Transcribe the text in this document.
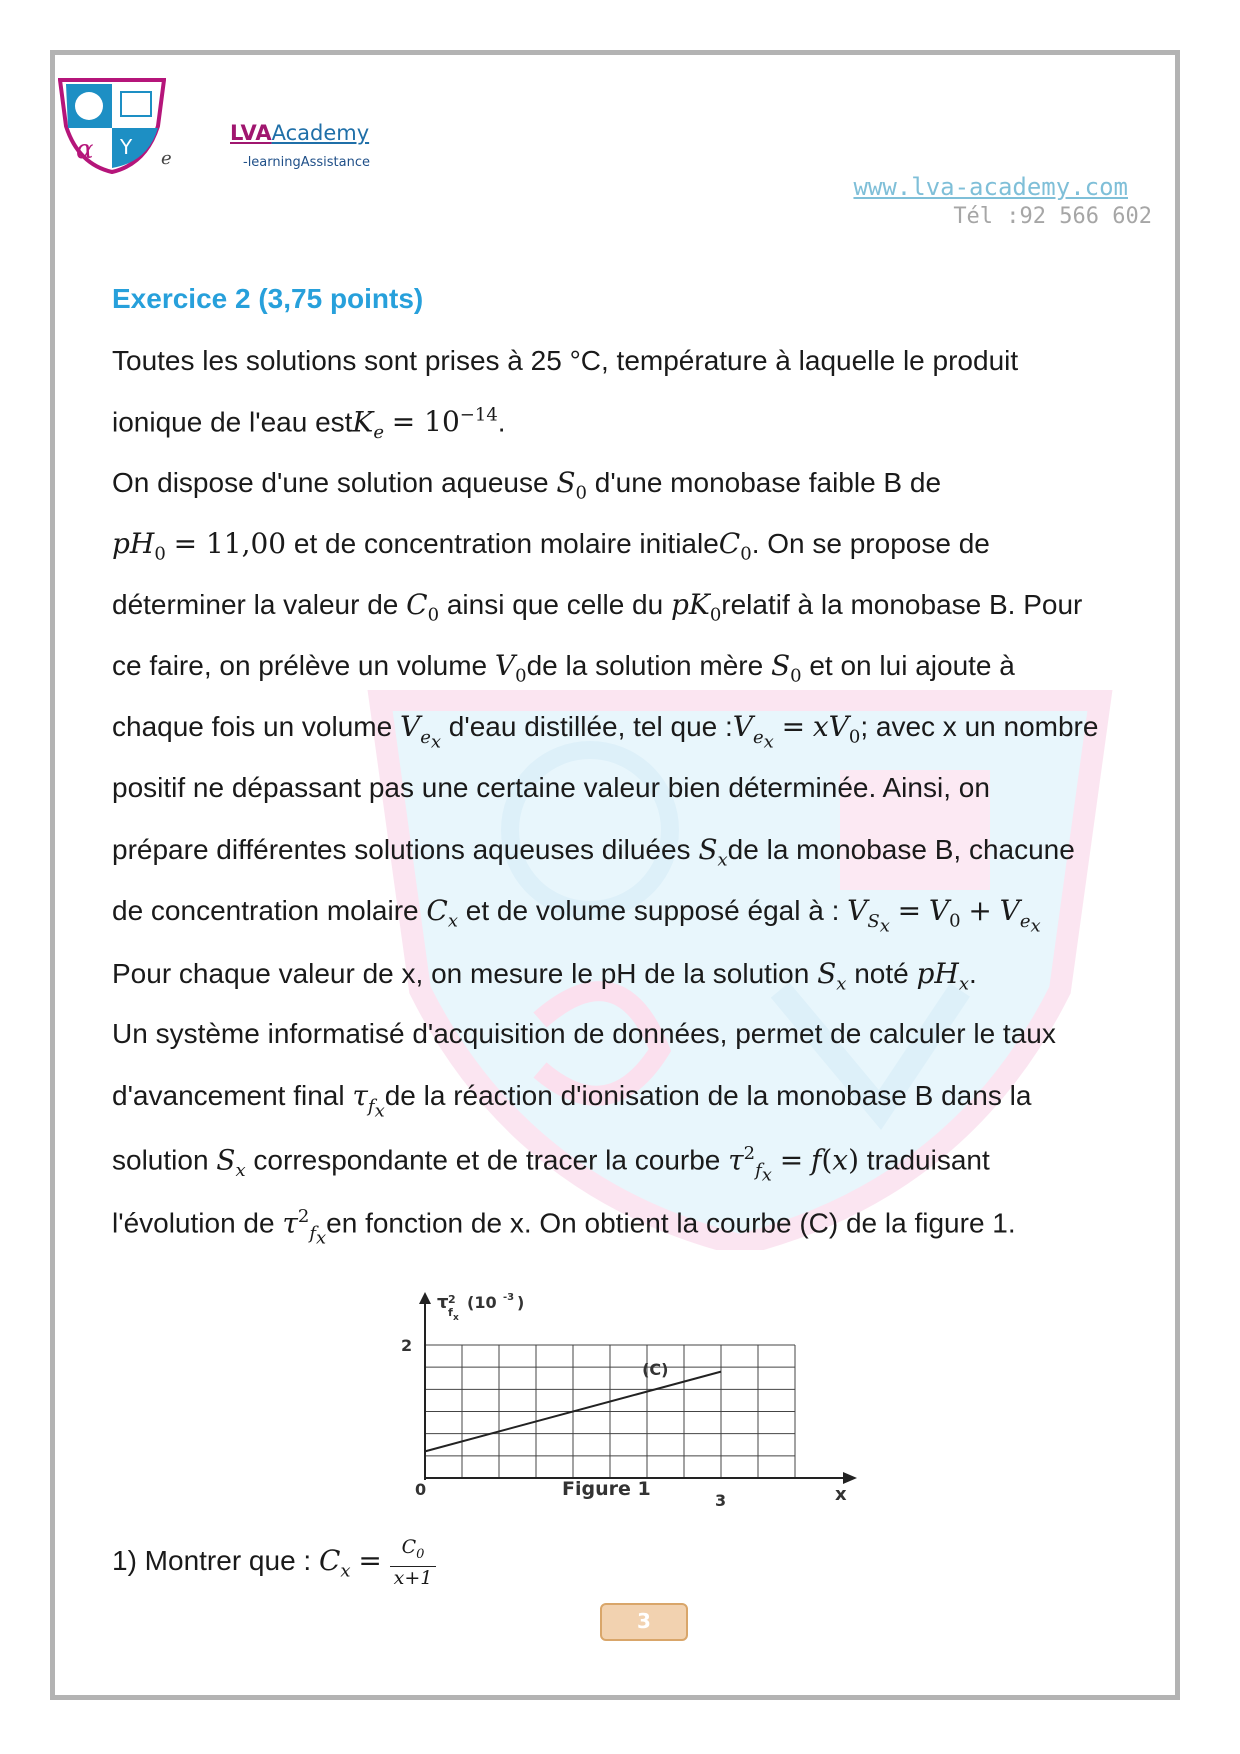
α Y
LVAAcademy
e	-learningAssistance
www.lva-academy.com
Tél :92 566 602
Exercice 2 (3,75 points)
Toutes les solutions sont prises à 25 °C, température à laquelle le produit
ionique de l'eau estK$_e$ = $10^{-14}$.
On dispose d'une solution aqueuse $S_0$ d'une monobase faible B de
$pH_0 = 11,00$ et de concentration molaire initialeC$_0$. On se propose de
déterminer la valeur de $C_0$ ainsi que celle du $pK_0relatif$ à la monobase B. Pour
ce faire, on prélève un volume $V_0de$ la solution mère $S_0$ et on lui ajoute à
chaque fois un volume $V_{e_x}$ d'eau distillée, tel que $:V_{e_x} = xV_0$; avec x un nombre
positif ne dépassant pas une certaine valeur bien déterminée. Ainsi, on
prépare différentes solutions aqueuses diluées $S_xde$ la monobase B, chacune
de concentration molaire $C_x$ et de volume supposé égal à : $V_{S_x} = V_0 + V_{e_x}$
Pour chaque valeur de x, on mesure le pH de la solution $S_x$ noté $pH_x$.
Un système informatisé d'acquisition de données, permet de calculer le taux
d'avancement final $\tau_{f_x}de$ la réaction d'ionisation de la monobase B dans la
solution $S_x$ correspondante et de tracer la courbe $\tau^2_{f_x} = f(x)$ traduisant
l'évolution de $\tau^2_{f_x}en$ fonction de x. On obtient la courbe (C) de la figure 1.
τ 2
f x
(10 -3 )
2
0
3	x
(C)
Figure 1
1) Montrer que : $C_x = \frac{C_0}{x+1}$
3
